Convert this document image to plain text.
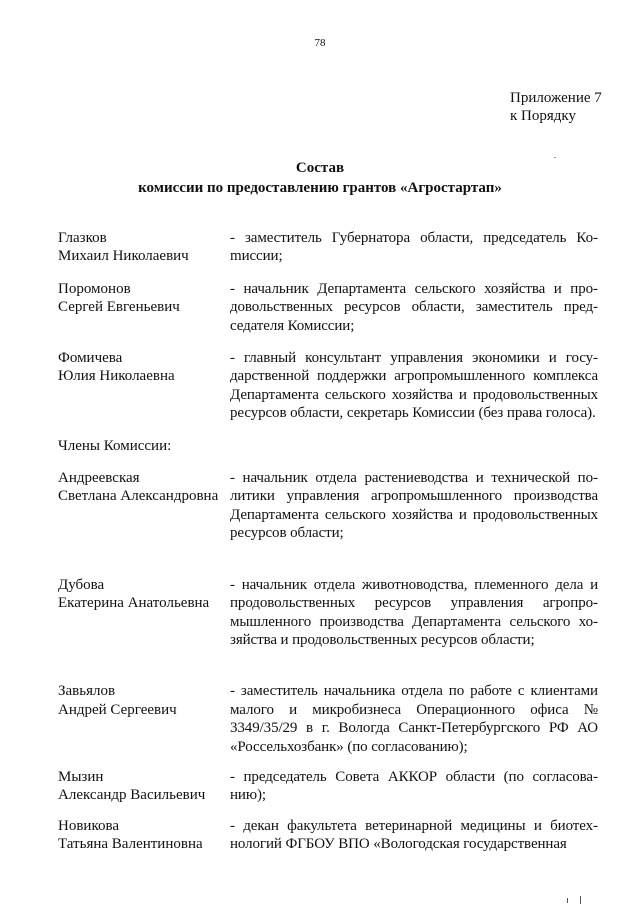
78
Приложение 7
к Порядку
Состав
комиссии по предоставлению грантов «Агростартап»
Глазков
Михаил Николаевич
- заместитель Губернатора области, председатель Коmиссии;
Поромонов
Сергей Евгеньевич
- начальник Департамента сельского хозяйства и продовольственных ресурсов области, заместитель председателя Комиссии;
Фомичева
Юлия Николаевна
- главный консультант управления экономики и государственной поддержки агропромышленного комплекса Департамента сельского хозяйства и продовольственных ресурсов области, секретарь Комиссии (без права голоса).
Члены Комиссии:
Андреевская
Светлана Александровна
- начальник отдела растениеводства и технической политики управления агропромышленного производства Департамента сельского хозяйства и продовольственных ресурсов области;
Дубова
Екатерина Анатольевна
- начальник отдела животноводства, племенного дела и продовольственных ресурсов управления агропромышленного производства Департамента сельского хозяйства и продовольственных ресурсов области;
Завьялов
Андрей Сергеевич
- заместитель начальника отдела по работе с клиентами малого и микробизнеса Операционного офиса № 3349/35/29 в г. Вологда Санкт-Петербургского РФ АО «Россельхозбанк» (по согласованию);
Мызин
Александр Васильевич
- председатель Совета АККОР области (по согласованию);
Новикова
Татьяна Валентиновна
- декан факультета ветеринарной медицины и биотехнологий ФГБОУ ВПО «Вологодская государственная
